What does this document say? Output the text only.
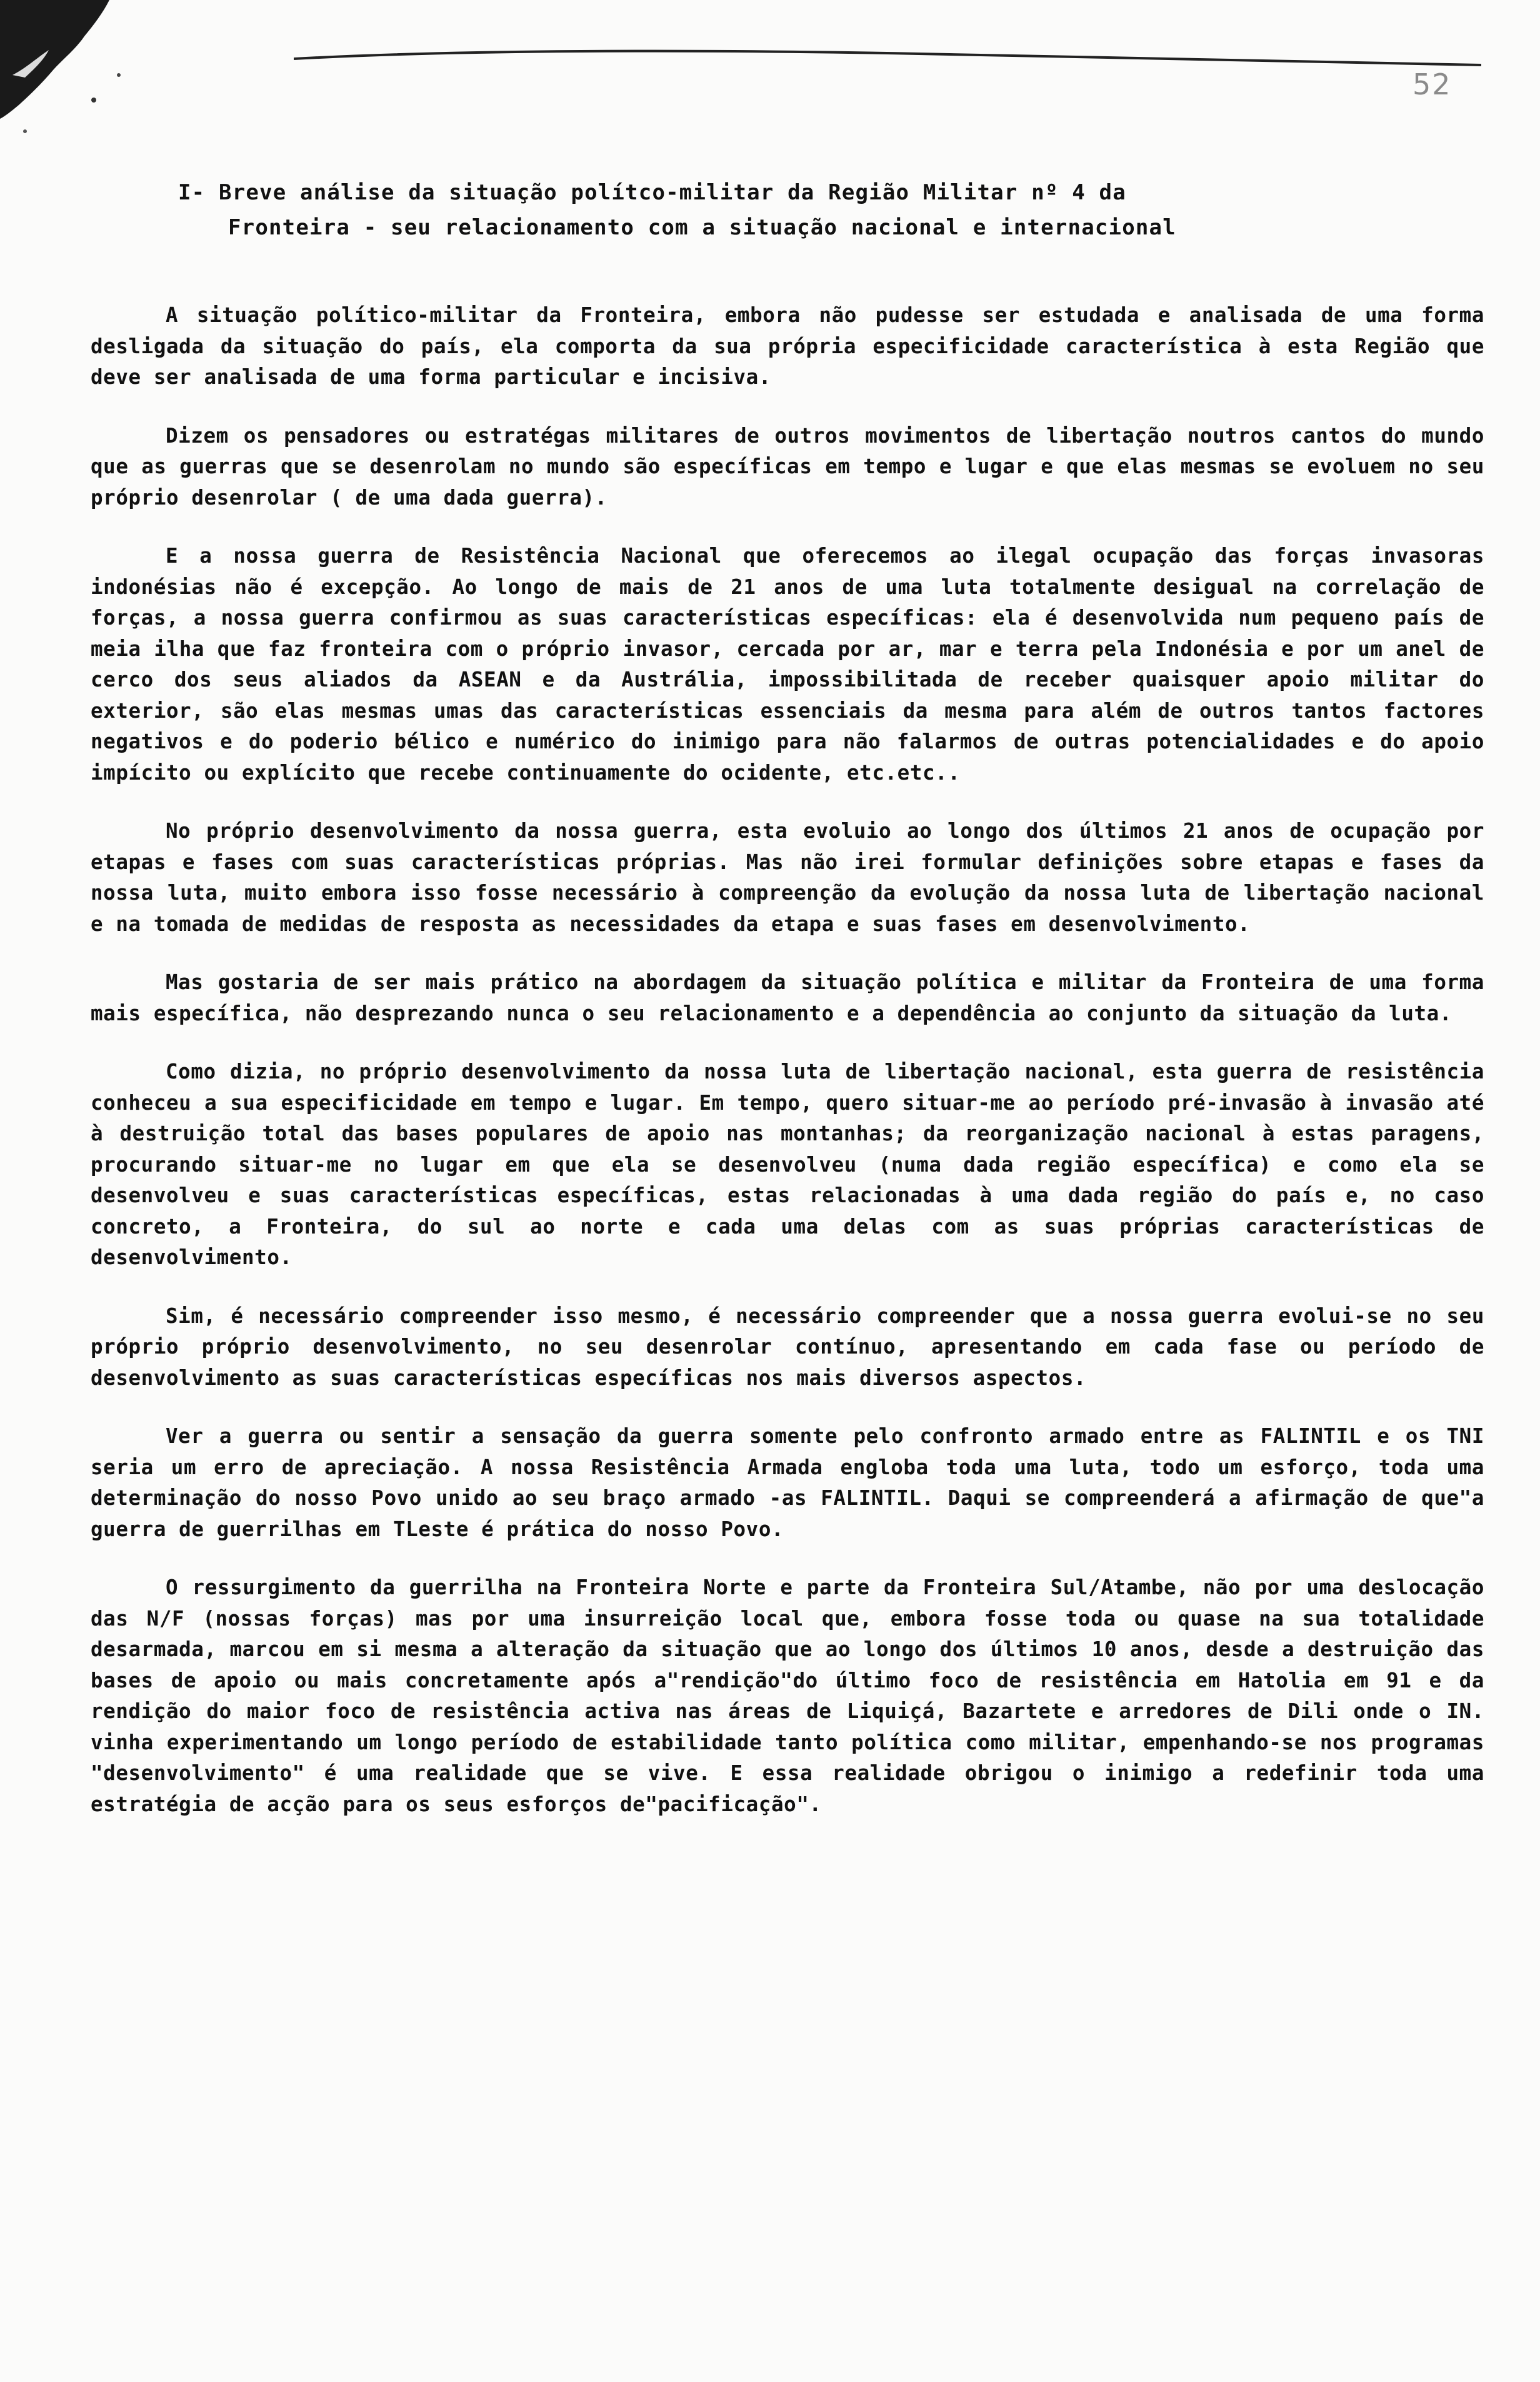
52
I- Breve análise da situação polítco-militar da Região Militar nº 4 da
Fronteira - seu relacionamento com a situação nacional e internacional

A situação político-militar da Fronteira, embora não pudesse ser estudada e analisada de uma forma desligada da situação do país, ela comporta da sua própria especificidade característica à esta Região que deve ser analisada de uma forma particular e incisiva.

Dizem os pensadores ou estratégas militares de outros movimentos de libertação noutros cantos do mundo que as guerras que se desenrolam no mundo são específicas em tempo e lugar e que elas mesmas se evoluem no seu próprio desenrolar ( de uma dada guerra).

E a nossa guerra de Resistência Nacional que oferecemos ao ilegal ocupação das forças invasoras indonésias não é excepção. Ao longo de mais de 21 anos de uma luta totalmente desigual na correlação de forças, a nossa guerra confirmou as suas características específicas: ela é desenvolvida num pequeno país de meia ilha que faz fronteira com o próprio invasor, cercada por ar, mar e terra pela Indonésia e por um anel de cerco dos seus aliados da ASEAN e da Austrália, impossibilitada de receber quaisquer apoio militar do exterior, são elas mesmas umas das características essenciais da mesma para além de outros tantos factores negativos e do poderio bélico e numérico do inimigo para não falarmos de outras potencialidades e do apoio impícito ou explícito que recebe continuamente do ocidente, etc.etc..

No próprio desenvolvimento da nossa guerra, esta evoluio ao longo dos últimos 21 anos de ocupação por etapas e fases com suas características próprias. Mas não irei formular definições sobre etapas e fases da nossa luta, muito embora isso fosse necessário à compreenção da evolução da nossa luta de libertação nacional e na tomada de medidas de resposta as necessidades da etapa e suas fases em desenvolvimento.

Mas gostaria de ser mais prático na abordagem da situação política e militar da Fronteira de uma forma mais específica, não desprezando nunca o seu relacionamento e a dependência ao conjunto da situação da luta.

Como dizia, no próprio desenvolvimento da nossa luta de libertação nacional, esta guerra de resistência conheceu a sua especificidade em tempo e lugar. Em tempo, quero situar-me ao período pré-invasão à invasão até à destruição total das bases populares de apoio nas montanhas; da reorganização nacional à estas paragens, procurando situar-me no lugar em que ela se desenvolveu (numa dada região específica) e como ela se desenvolveu e suas características específicas, estas relacionadas à uma dada região do país e, no caso concreto, a Fronteira, do sul ao norte e cada uma delas com as suas próprias características de desenvolvimento.

Sim, é necessário compreender isso mesmo, é necessário compreender que a nossa guerra evolui-se no seu próprio próprio desenvolvimento, no seu desenrolar contínuo, apresentando em cada fase ou período de desenvolvimento as suas características específicas nos mais diversos aspectos.

Ver a guerra ou sentir a sensação da guerra somente pelo confronto armado entre as FALINTIL e os TNI seria um erro de apreciação. A nossa Resistência Armada engloba toda uma luta, todo um esforço, toda uma determinação do nosso Povo unido ao seu braço armado -as FALINTIL. Daqui se compreenderá a afirmação de que"a guerra de guerrilhas em TLeste é prática do nosso Povo.

O ressurgimento da guerrilha na Fronteira Norte e parte da Fronteira Sul/Atambe, não por uma deslocação das N/F (nossas forças) mas por uma insurreição local que, embora fosse toda ou quase na sua totalidade desarmada, marcou em si mesma a alteração da situação que ao longo dos últimos 10 anos, desde a destruição das bases de apoio ou mais concretamente após a"rendição"do último foco de resistência em Hatolia em 91 e da rendição do maior foco de resistência activa nas áreas de Liquiçá, Bazartete e arredores de Dili onde o IN. vinha experimentando um longo período de estabilidade tanto política como militar, empenhando-se nos programas "desenvolvimento" é uma realidade que se vive. E essa realidade obrigou o inimigo a redefinir toda uma estratégia de acção para os seus esforços de"pacificação".
